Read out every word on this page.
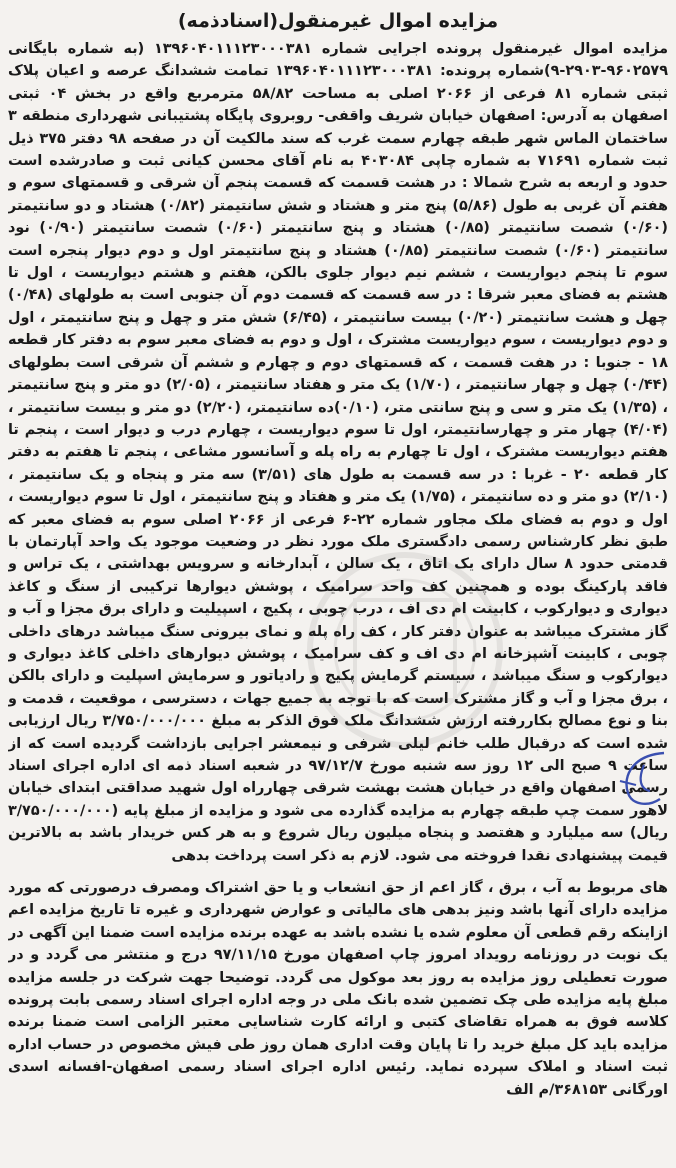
مزایده اموال غیرمنقول(اسنادذمه)

مزایده اموال غیرمنقول پرونده اجرایی شماره ۱۳۹۶۰۴۰۱۱۱۲۳۰۰۰۳۸۱ (به شماره بایگانی ۹۶۰۲۵۷۹-۲۹۰۳-۹)شماره پرونده: ۱۳۹۶۰۴۰۱۱۱۲۳۰۰۰۳۸۱ تمامت ششدانگ عرصه و اعیان پلاک ثبتی شماره ۸۱ فرعی از ۲۰۶۶ اصلی به مساحت ۵۸/۸۲ مترمربع واقع در بخش ۰۴ ثبتی اصفهان به آدرس: اصفهان خیابان شریف واقفی- روبروی پایگاه پشتیبانی شهرداری منطقه ۳ ساختمان الماس شهر طبقه چهارم سمت غرب که سند مالکیت آن در صفحه ۹۸ دفتر ۳۷۵ ذیل ثبت شماره ۷۱۶۹۱ به شماره چاپی ۴۰۳۰۸۴ به نام آقای محسن کیانی ثبت و صادرشده است حدود و اربعه به شرح شمالا : در هشت قسمت که قسمت پنجم آن شرقی و قسمتهای سوم و هفتم آن غربی به طول (۵/۸۶) پنج متر و هشتاد و شش سانتیمتر (۰/۸۲) هشتاد و دو سانتیمتر (۰/۶۰) شصت سانتیمتر (۰/۸۵) هشتاد و پنج سانتیمتر (۰/۶۰) شصت سانتیمتر (۰/۹۰) نود سانتیمتر (۰/۶۰) شصت سانتیمتر (۰/۸۵) هشتاد و پنج سانتیمتر اول و دوم دیوار پنجره است سوم تا پنجم دیواریست ، ششم نیم دیوار جلوی بالکن، هفتم و هشتم دیواریست ، اول تا هشتم به فضای معبر شرقا : در سه قسمت که قسمت دوم آن جنوبی است به طولهای (۰/۴۸) چهل و هشت سانتیمتر (۰/۲۰) بیست سانتیمتر ، (۶/۴۵) شش متر و چهل و پنج سانتیمتر ، اول و دوم دیواریست ، سوم دیواریست مشترک ، اول و دوم به فضای معبر سوم به دفتر کار قطعه ۱۸ - جنوبا : در هفت قسمت ، که قسمتهای دوم و چهارم و ششم آن شرقی است بطولهای (۰/۴۴) چهل و چهار سانتیمتر ، (۱/۷۰) یک متر و هفتاد سانتیمتر ، (۲/۰۵) دو متر و پنج سانتیمتر ، (۱/۳۵) یک متر و سی و پنج سانتی متر، (۰/۱۰)ده سانتیمتر، (۲/۲۰) دو متر و بیست سانتیمتر ، (۴/۰۴) چهار متر و چهارسانتیمتر، اول تا سوم دیواریست ، چهارم درب و دیوار است ، پنجم تا هفتم دیواریست مشترک ، اول تا چهارم به راه پله و آسانسور مشاعی ، پنجم تا هفتم به دفتر کار قطعه ۲۰ - غربا : در سه قسمت به طول های (۳/۵۱) سه متر و پنجاه و یک سانتیمتر ، (۲/۱۰) دو متر و ده سانتیمتر ، (۱/۷۵) یک متر و هفتاد و پنج سانتیمتر ، اول تا سوم دیواریست ، اول و دوم به فضای ملک مجاور شماره ۲۲-۶ فرعی از ۲۰۶۶ اصلی سوم به فضای معبر که طبق نظر کارشناس رسمی دادگستری ملک مورد نظر در وضعیت موجود یک واحد آپارتمان با قدمتی حدود ۸ سال دارای یک اتاق ، یک سالن ، آبدارخانه و سرویس بهداشتی ، یک تراس و فاقد پارکینگ بوده و همچنین کف واحد سرامیک ، پوشش دیوارها ترکیبی از سنگ و کاغذ دیواری و دیوارکوب ، کابینت ام دی اف ، درب چوبی ، پکیج ، اسپیلیت و دارای برق مجزا و آب و گاز مشترک میباشد به عنوان دفتر کار ، کف راه پله و نمای بیرونی سنگ میباشد درهای داخلی چوبی ، کابینت آشپزخانه ام دی اف و کف سرامیک ، پوشش دیوارهای داخلی کاغذ دیواری و دیوارکوب و سنگ میباشد ، سیستم گرمایش پکیج و رادیاتور و سرمایش اسپلیت و دارای بالکن ، برق مجزا و آب و گاز مشترک است که با توجه به جمیع جهات ، دسترسی ، موقعیت ، قدمت و بنا و نوع مصالح بکاررفته ارزش ششدانگ ملک فوق الذکر به مبلغ ۳/۷۵۰/۰۰۰/۰۰۰ ریال ارزیابی شده است که درقبال طلب خانم لیلی شرفی و نیمعشر اجرایی بازداشت گردیده است که از ساعت ۹ صبح الی ۱۲ روز سه شنبه مورخ ۹۷/۱۲/۷ در شعبه اسناد ذمه ای اداره اجرای اسناد رسمی اصفهان واقع در خیابان هشت بهشت شرقی چهارراه اول شهید صداقتی ابتدای خیابان لاهور سمت چپ طبقه چهارم به مزایده گذارده می شود و مزایده از مبلغ پایه (۳/۷۵۰/۰۰۰/۰۰۰ ریال) سه میلیارد و هفتصد و پنجاه میلیون ریال شروع و به هر کس خریدار باشد به بالاترین قیمت پیشنهادی نقدا فروخته می شود. لازم به ذکر است پرداخت بدهی

های مربوط به آب ، برق ، گاز اعم از حق انشعاب و یا حق اشتراک ومصرف درصورتی که مورد مزایده دارای آنها باشد ونیز بدهی های مالیاتی و عوارض شهرداری و غیره تا تاریخ مزایده اعم ازاینکه رقم قطعی آن معلوم شده یا نشده باشد به عهده برنده مزایده است ضمنا این آگهی در یک نوبت در روزنامه رویداد امروز چاپ اصفهان مورخ ۹۷/۱۱/۱۵ درج و منتشر می گردد و در صورت تعطیلی روز مزایده به روز بعد موکول می گردد. توضیحا جهت شرکت در جلسه مزایده مبلغ پایه مزایده طی چک تضمین شده بانک ملی در وجه اداره اجرای اسناد رسمی بابت پرونده کلاسه فوق به همراه تقاضای کتبی و ارائه کارت شناسایی معتبر الزامی است ضمنا برنده مزایده باید کل مبلغ خرید را تا پایان وقت اداری همان روز طی فیش مخصوص در حساب اداره ثبت اسناد و املاک سپرده نماید. رئیس اداره اجرای اسناد رسمی اصفهان-افسانه اسدی اورگانی ۳۶۸۱۵۳/م الف
